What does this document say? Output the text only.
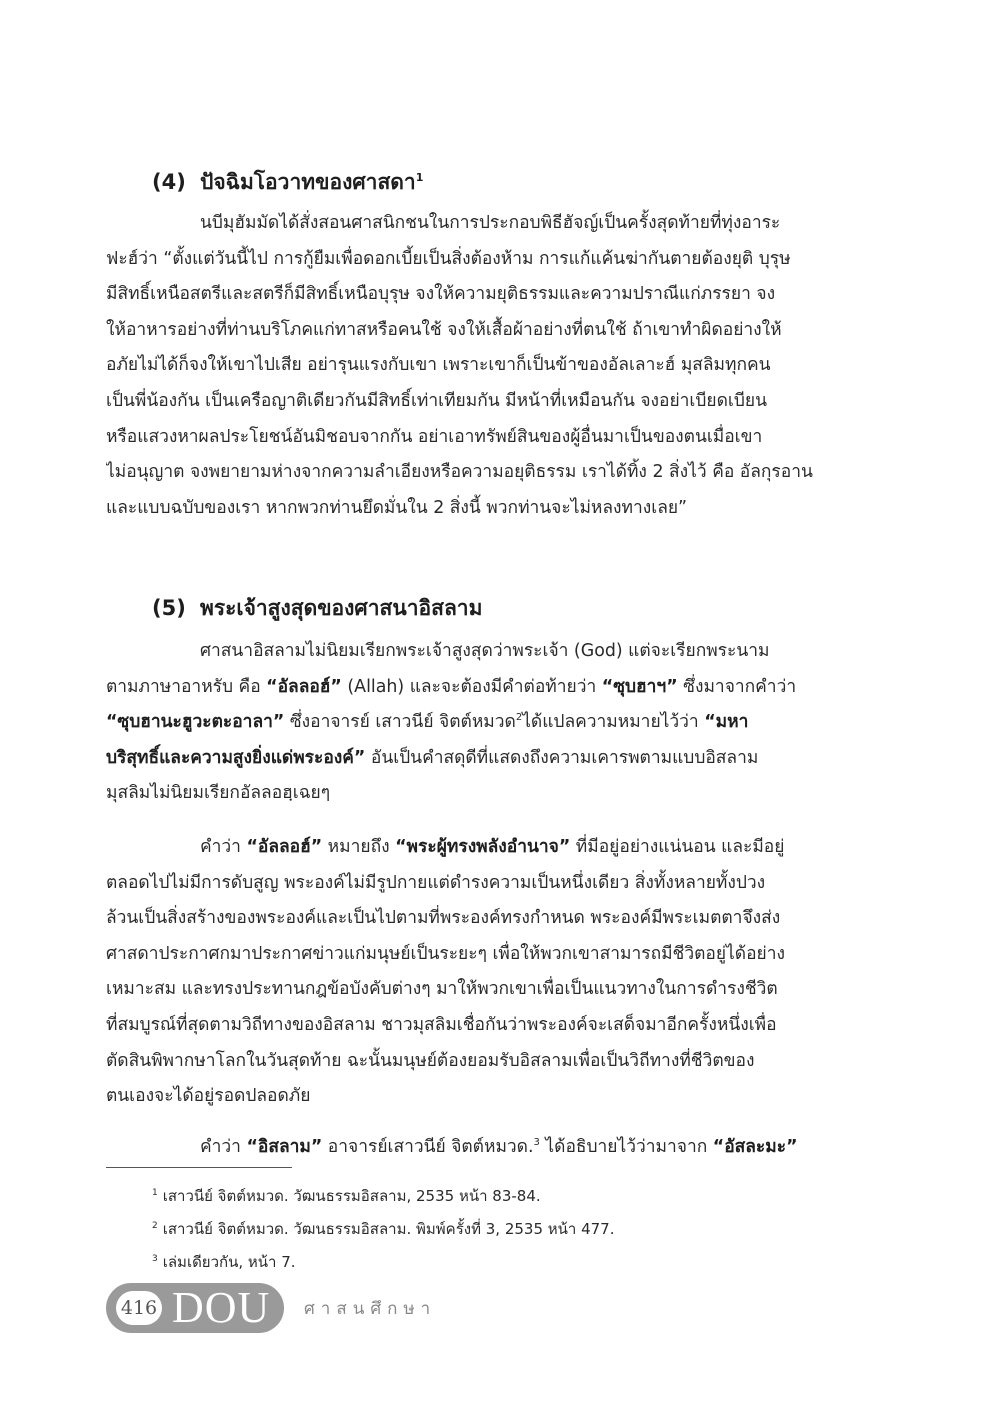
(4) ปัจฉิมโอวาทของศาสดา$^1$

นบีมุฮัมมัดได้สั่งสอนศาสนิกชนในการประกอบพิธีฮัจญ์เป็นครั้งสุดท้ายที่ทุ่งอาระ
ฟะฮ์ว่า “ตั้งแต่วันนี้ไป การกู้ยืมเพื่อดอกเบี้ยเป็นสิ่งต้องห้าม การแก้แค้นฆ่ากันตายต้องยุติ บุรุษ
มีสิทธิ์เหนือสตรีและสตรีก็มีสิทธิ์เหนือบุรุษ จงให้ความยุติธรรมและความปราณีแก่ภรรยา จง
ให้อาหารอย่างที่ท่านบริโภคแก่ทาสหรือคนใช้ จงให้เสื้อผ้าอย่างที่ตนใช้ ถ้าเขาทำผิดอย่างให้
อภัยไม่ได้ก็จงให้เขาไปเสีย อย่ารุนแรงกับเขา เพราะเขาก็เป็นข้าของอัลเลาะฮ์ มุสลิมทุกคน
เป็นพี่น้องกัน เป็นเครือญาติเดียวกันมีสิทธิ์เท่าเทียมกัน มีหน้าที่เหมือนกัน จงอย่าเบียดเบียน
หรือแสวงหาผลประโยชน์อันมิชอบจากกัน อย่าเอาทรัพย์สินของผู้อื่นมาเป็นของตนเมื่อเขา
ไม่อนุญาต จงพยายามห่างจากความลำเอียงหรือความอยุติธรรม เราได้ทิ้ง 2 สิ่งไว้ คือ อัลกุรอาน
และแบบฉบับของเรา หากพวกท่านยึดมั่นใน 2 สิ่งนี้ พวกท่านจะไม่หลงทางเลย”

(5) พระเจ้าสูงสุดของศาสนาอิสลาม

ศาสนาอิสลามไม่นิยมเรียกพระเจ้าสูงสุดว่าพระเจ้า (God) แต่จะเรียกพระนาม
ตามภาษาอาหรับ คือ “อัลลอฮ์” (Allah) และจะต้องมีคำต่อท้ายว่า “ซุบฮาฯ” ซึ่งมาจากคำว่า
“ซุบฮานะฮูวะตะอาลา” ซึ่งอาจารย์ เสาวนีย์ จิตต์หมวด$^2$ได้แปลความหมายไว้ว่า “มหา
บริสุทธิ์และความสูงยิ่งแด่พระองค์” อันเป็นคำสดุดีที่แสดงถึงความเคารพตามแบบอิสลาม
มุสลิมไม่นิยมเรียกอัลลอฮฺเฉยๆ

คำว่า “อัลลอฮ์” หมายถึง “พระผู้ทรงพลังอำนาจ” ที่มีอยู่อย่างแน่นอน และมีอยู่
ตลอดไปไม่มีการดับสูญ พระองค์ไม่มีรูปกายแต่ดำรงความเป็นหนึ่งเดียว สิ่งทั้งหลายทั้งปวง
ล้วนเป็นสิ่งสร้างของพระองค์และเป็นไปตามที่พระองค์ทรงกำหนด พระองค์มีพระเมตตาจึงส่ง
ศาสดาประกาศกมาประกาศข่าวแก่มนุษย์เป็นระยะๆ เพื่อให้พวกเขาสามารถมีชีวิตอยู่ได้อย่าง
เหมาะสม และทรงประทานกฎข้อบังคับต่างๆ มาให้พวกเขาเพื่อเป็นแนวทางในการดำรงชีวิต
ที่สมบูรณ์ที่สุดตามวิถีทางของอิสลาม ชาวมุสลิมเชื่อกันว่าพระองค์จะเสด็จมาอีกครั้งหนึ่งเพื่อ
ตัดสินพิพากษาโลกในวันสุดท้าย ฉะนั้นมนุษย์ต้องยอมรับอิสลามเพื่อเป็นวิถีทางที่ชีวิตของ
ตนเองจะได้อยู่รอดปลอดภัย

คำว่า “อิสลาม” อาจารย์เสาวนีย์ จิตต์หมวด.$^3$ ได้อธิบายไว้ว่ามาจาก “อัสละมะ”

$^1$ เสาวนีย์ จิตต์หมวด. วัฒนธรรมอิสลาม, 2535 หน้า 83-84.
$^2$ เสาวนีย์ จิตต์หมวด. วัฒนธรรมอิสลาม. พิมพ์ครั้งที่ 3, 2535 หน้า 477.
$^3$ เล่มเดียวกัน, หน้า 7.
416 DOU ศาสนศึกษา
